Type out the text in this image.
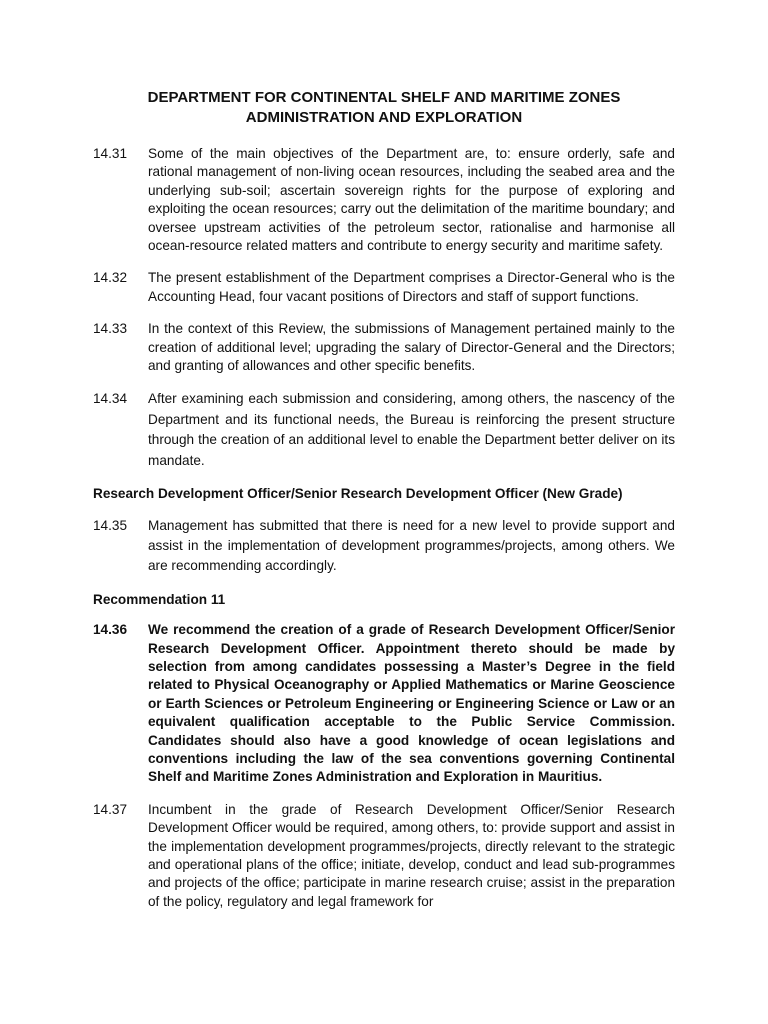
DEPARTMENT FOR CONTINENTAL SHELF AND MARITIME ZONES
ADMINISTRATION AND EXPLORATION
14.31	Some of the main objectives of the Department are, to: ensure orderly, safe and rational management of non-living ocean resources, including the seabed area and the underlying sub-soil; ascertain sovereign rights for the purpose of exploring and exploiting the ocean resources; carry out the delimitation of the maritime boundary; and oversee upstream activities of the petroleum sector, rationalise and harmonise all ocean-resource related matters and contribute to energy security and maritime safety.
14.32	The present establishment of the Department comprises a Director-General who is the Accounting Head, four vacant positions of Directors and staff of support functions.
14.33	In the context of this Review, the submissions of Management pertained mainly to the creation of additional level; upgrading the salary of Director-General and the Directors; and granting of allowances and other specific benefits.
14.34	After examining each submission and considering, among others, the nascency of the Department and its functional needs, the Bureau is reinforcing the present structure through the creation of an additional level to enable the Department better deliver on its mandate.
Research Development Officer/Senior Research Development Officer (New Grade)
14.35	Management has submitted that there is need for a new level to provide support and assist in the implementation of development programmes/projects, among others. We are recommending accordingly.
Recommendation 11
14.36	We recommend the creation of a grade of Research Development Officer/Senior Research Development Officer. Appointment thereto should be made by selection from among candidates possessing a Master’s Degree in the field related to Physical Oceanography or Applied Mathematics or Marine Geoscience or Earth Sciences or Petroleum Engineering or Engineering Science or Law or an equivalent qualification acceptable to the Public Service Commission. Candidates should also have a good knowledge of ocean legislations and conventions including the law of the sea conventions governing Continental Shelf and Maritime Zones Administration and Exploration in Mauritius.
14.37	Incumbent in the grade of Research Development Officer/Senior Research Development Officer would be required, among others, to: provide support and assist in the implementation development programmes/projects, directly relevant to the strategic and operational plans of the office; initiate, develop, conduct and lead sub-programmes and projects of the office; participate in marine research cruise; assist in the preparation of the policy, regulatory and legal framework for
